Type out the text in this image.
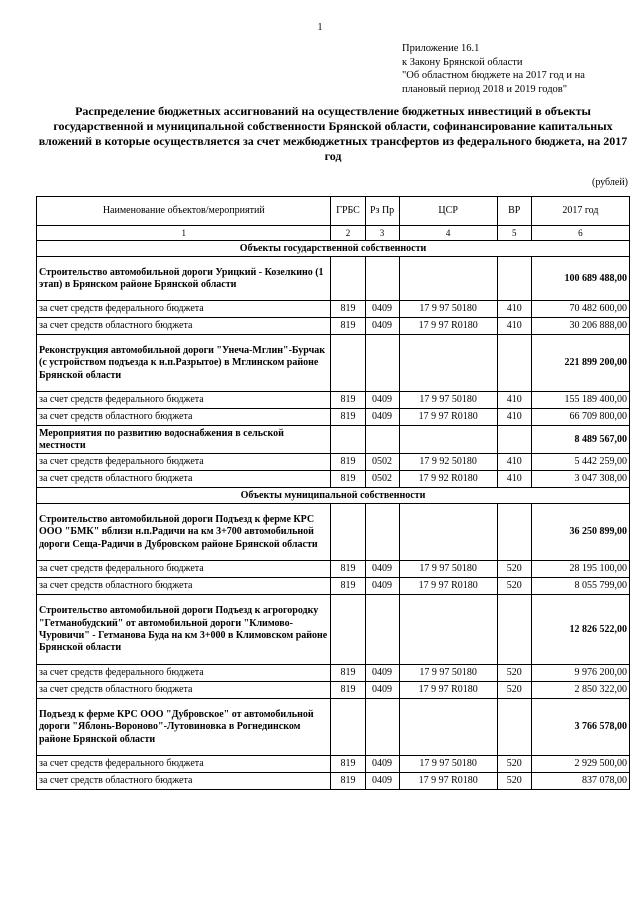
1
Приложение 16.1
к Закону Брянской области
"Об областном бюджете на 2017 год и на
плановый период 2018 и 2019 годов"
Распределение бюджетных ассигнований на осуществление бюджетных инвестиций в объекты государственной и муниципальной собственности Брянской области, софинансирование капитальных вложений в которые осуществляется за счет межбюджетных трансфертов из федерального бюджета, на 2017 год
(рублей)
Наименование объектов/мероприятий	ГРБС	Рз Пр	ЦСР	ВР	2017 год
1	2	3	4	5	6
Объекты государственной собственности					
Строительство автомобильной дороги Урицкий - Козелкино (1 этап) в Брянском районе Брянской области					100 689 488,00
за счет средств федерального бюджета	819	0409	17 9 97 50180	410	70 482 600,00
за счет средств областного бюджета	819	0409	17 9 97 R0180	410	30 206 888,00
Реконструкция автомобильной дороги "Унеча-Мглин"-Бурчак (с устройством подъезда к н.п.Разрытое) в Мглинском районе Брянской области					221 899 200,00
за счет средств федерального бюджета	819	0409	17 9 97 50180	410	155 189 400,00
за счет средств областного бюджета	819	0409	17 9 97 R0180	410	66 709 800,00
Мероприятия по развитию водоснабжения в сельской местности					8 489 567,00
за счет средств федерального бюджета	819	0502	17 9 92 50180	410	5 442 259,00
за счет средств областного бюджета	819	0502	17 9 92 R0180	410	3 047 308,00
Объекты муниципальной собственности					
Строительство автомобильной дороги Подъезд к ферме КРС ООО "БМК" вблизи н.п.Радичи на км 3+700 автомобильной дороги Сеща-Радичи в Дубровском районе Брянской области					36 250 899,00
за счет средств федерального бюджета	819	0409	17 9 97 50180	520	28 195 100,00
за счет средств областного бюджета	819	0409	17 9 97 R0180	520	8 055 799,00
Строительство автомобильной дороги Подъезд к агрогородку "Гетманобудский" от автомобильной дороги "Климово-Чуровичи" - Гетманова Буда на км 3+000 в Климовском районе Брянской области					12 826 522,00
за счет средств федерального бюджета	819	0409	17 9 97 50180	520	9 976 200,00
за счет средств областного бюджета	819	0409	17 9 97 R0180	520	2 850 322,00
Подъезд к ферме КРС ООО "Дубровское" от автомобильной дороги "Яблонь-Вороново"-Лутовиновка в Рогнединском районе Брянской области					3 766 578,00
за счет средств федерального бюджета	819	0409	17 9 97 50180	520	2 929 500,00
за счет средств областного бюджета	819	0409	17 9 97 R0180	520	837 078,00
